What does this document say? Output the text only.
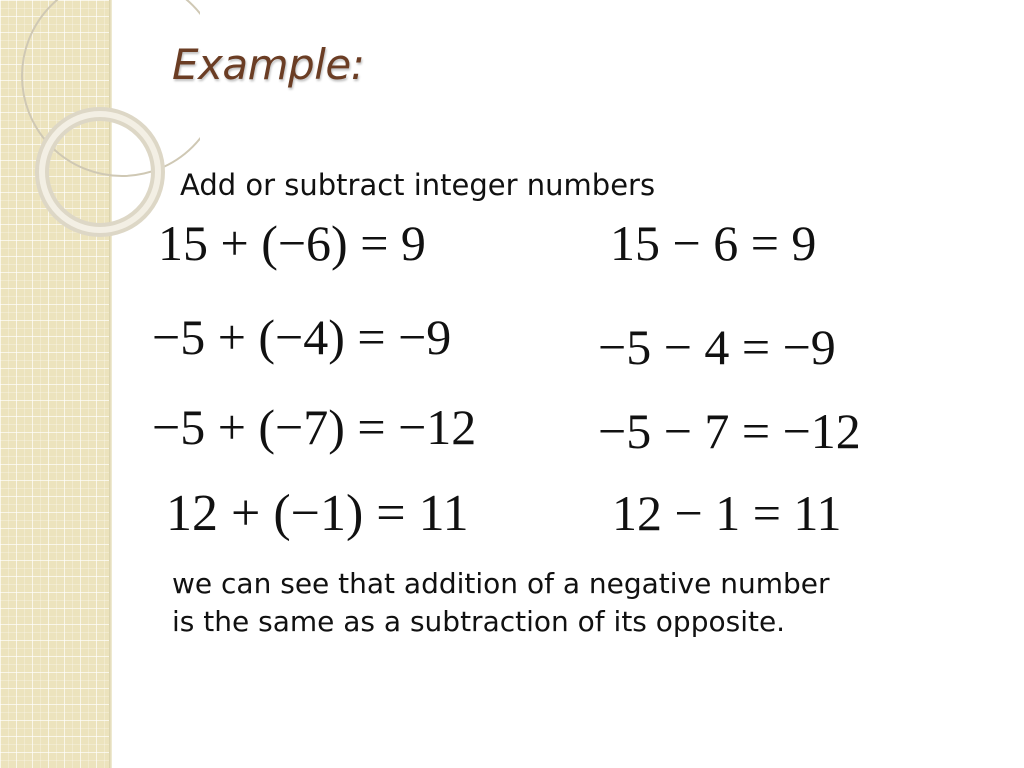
Example:
Add or subtract integer numbers
15 + (−6) = 9
−5 + (−4) = −9
−5 + (−7) = −12
12 + (−1) = 11
15 − 6 = 9
−5 − 4 = −9
−5 − 7 = −12
12 − 1 = 11

we can see that addition of a negative number
is the same as a subtraction of its opposite.
